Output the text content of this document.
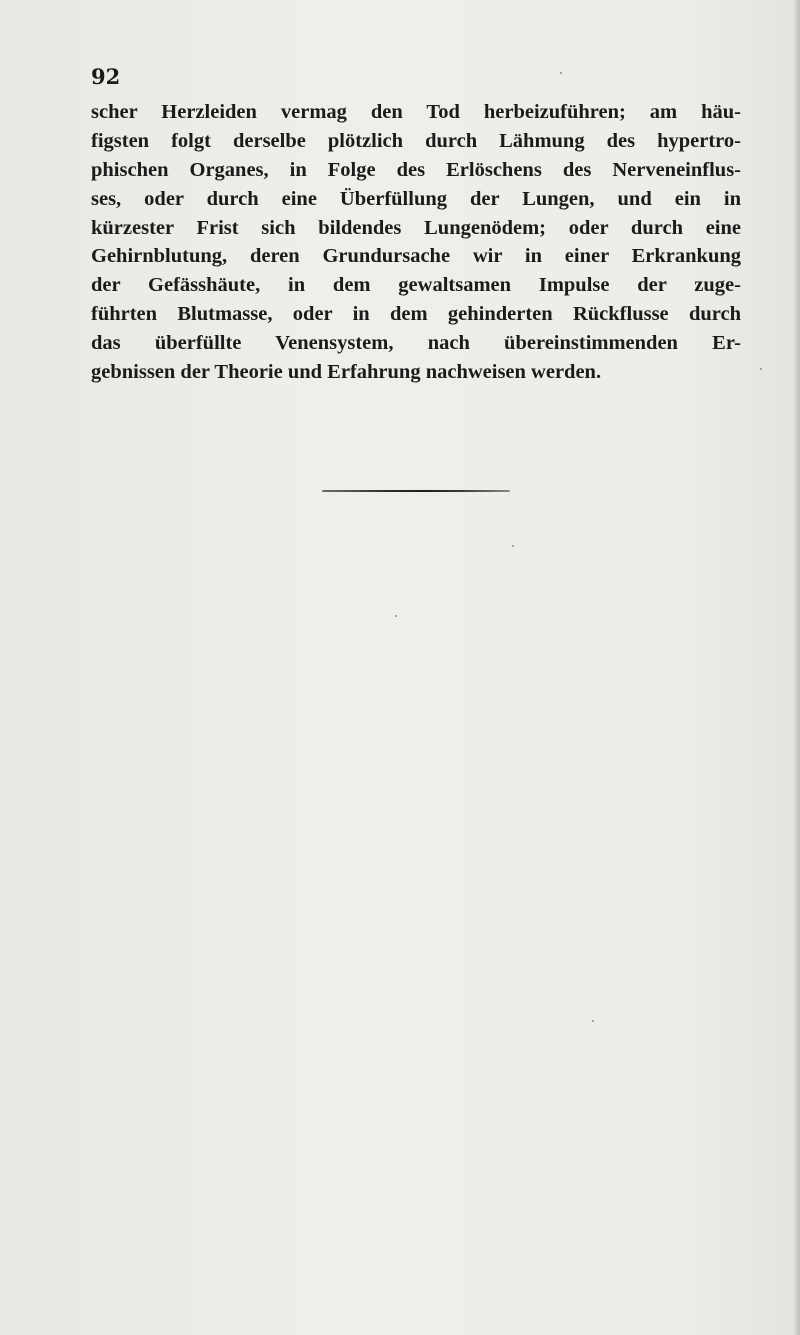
92
scher Herzleiden vermag den Tod herbeizuführen; am häu-
figsten folgt derselbe plötzlich durch Lähmung des hypertro-
phischen Organes, in Folge des Erlöschens des Nerveneinflus-
ses, oder durch eine Überfüllung der Lungen, und ein in
kürzester Frist sich bildendes Lungenödem; oder durch eine
Gehirnblutung, deren Grundursache wir in einer Erkrankung
der Gefässhäute, in dem gewaltsamen Impulse der zuge-
führten Blutmasse, oder in dem gehinderten Rückflusse durch
das überfüllte Venensystem, nach übereinstimmenden Er-
gebnissen der Theorie und Erfahrung nachweisen werden.
